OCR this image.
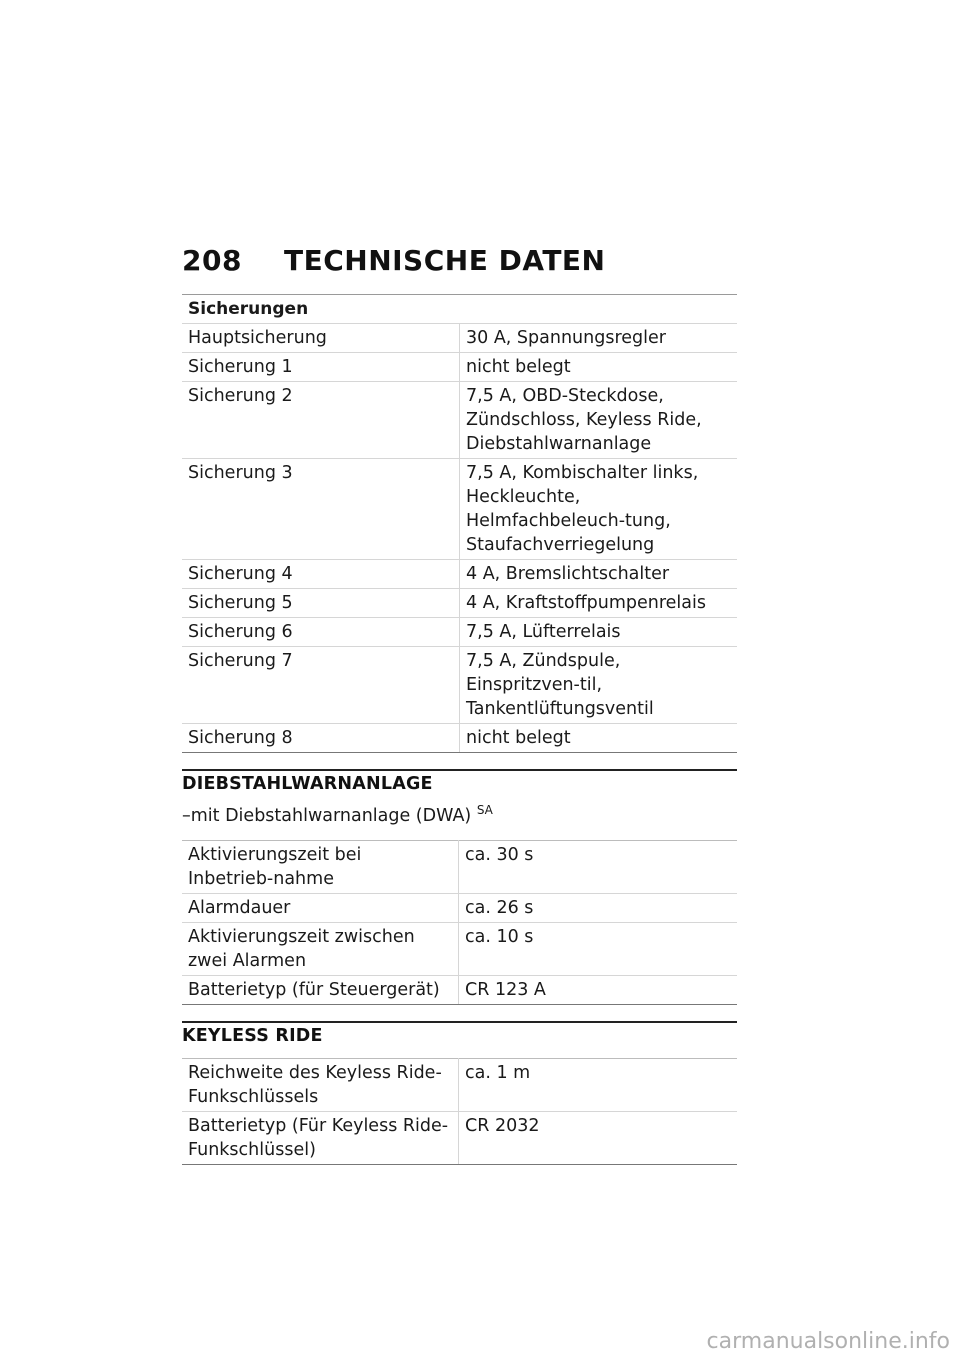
208 TECHNISCHE DATEN
Sicherungen	
Hauptsicherung	30 A, Spannungsregler
Sicherung 1	nicht belegt
Sicherung 2	7,5 A, OBD-Steckdose, Zündschloss, Keyless Ride, Diebstahlwarnanlage
Sicherung 3	7,5 A, Kombischalter links, Heckleuchte, Helmfachbeleuch-tung, Staufachverriegelung
Sicherung 4	4 A, Bremslichtschalter
Sicherung 5	4 A, Kraftstoffpumpenrelais
Sicherung 6	7,5 A, Lüfterrelais
Sicherung 7	7,5 A, Zündspule, Einspritzven-til, Tankentlüftungsventil
Sicherung 8	nicht belegt
DIEBSTAHLWARNANLAGE
–mit Diebstahlwarnanlage (DWA) $^{SA}$
Aktivierungszeit bei Inbetrieb-nahme	ca. 30 s
Alarmdauer	ca. 26 s
Aktivierungszeit zwischen zwei Alarmen	ca. 10 s
Batterietyp (für Steuergerät)	CR 123 A
KEYLESS RIDE
Reichweite des Keyless Ride-Funkschlüssels	ca. 1 m
Batterietyp (Für Keyless Ride-Funkschlüssel)	CR 2032
carmanualsonline.info
